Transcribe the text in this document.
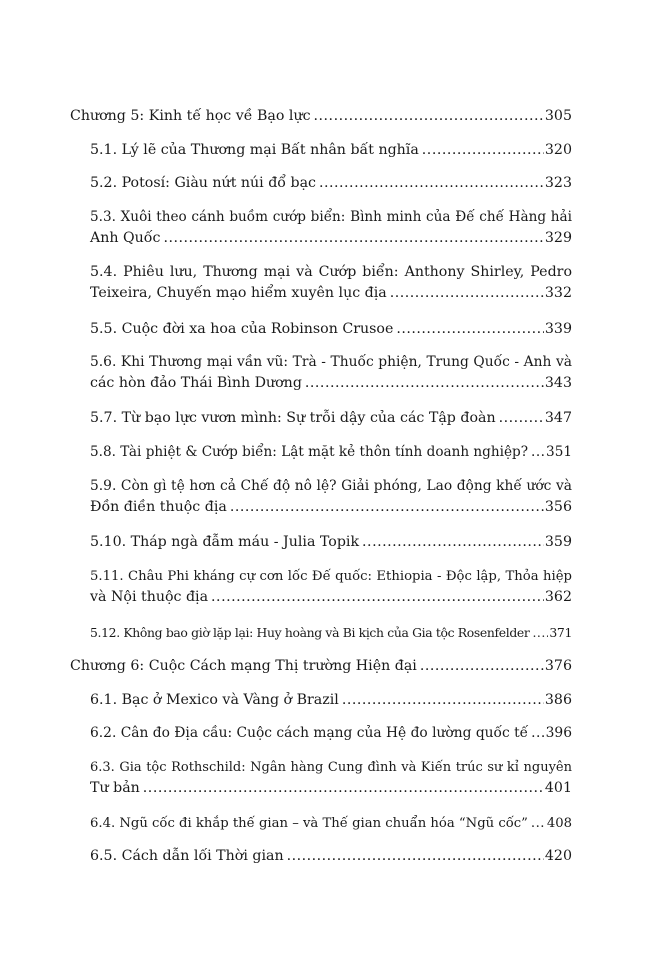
Chương 5: Kinh tế học về Bạo lực .....	305
5.1. Lý lẽ của Thương mại Bất nhân bất nghĩa .....	320
5.2. Potosí: Giàu nứt núi đổ bạc .....	323
5.3. Xuôi theo cánh buồm cướp biển: Bình minh của Đế chế Hàng hải
Anh Quốc .....	329
5.4. Phiêu lưu, Thương mại và Cướp biển: Anthony Shirley, Pedro
Teixeira, Chuyến mạo hiểm xuyên lục địa .....	332
5.5. Cuộc đời xa hoa của Robinson Crusoe .....	339
5.6. Khi Thương mại vần vũ: Trà - Thuốc phiện, Trung Quốc - Anh và
các hòn đảo Thái Bình Dương .....	343
5.7. Từ bạo lực vươn mình: Sự trỗi dậy của các Tập đoàn .....	347
5.8. Tài phiệt & Cướp biển: Lật mặt kẻ thôn tính doanh nghiệp? ..... 351
5.9. Còn gì tệ hơn cả Chế độ nô lệ? Giải phóng, Lao động khế ước và
Đồn điền thuộc địa .....	356
5.10. Tháp ngà đẫm máu - Julia Topik .....	359
5.11. Châu Phi kháng cự cơn lốc Đế quốc: Ethiopia - Độc lập, Thỏa hiệp
và Nội thuộc địa .....	362
5.12. Không bao giờ lặp lại: Huy hoàng và Bi kịch của Gia tộc Rosenfelder ..... 371
Chương 6: Cuộc Cách mạng Thị trường Hiện đại .....	376
6.1. Bạc ở Mexico và Vàng ở Brazil .....	386
6.2. Cân đo Địa cầu: Cuộc cách mạng của Hệ đo lường quốc tế ..... 396
6.3. Gia tộc Rothschild: Ngân hàng Cung đình và Kiến trúc sư kỉ nguyên
Tư bản .....	401
6.4. Ngũ cốc đi khắp thế gian – và Thế gian chuẩn hóa “Ngũ cốc” ..... 408
6.5. Cách dẫn lối Thời gian .....	420
